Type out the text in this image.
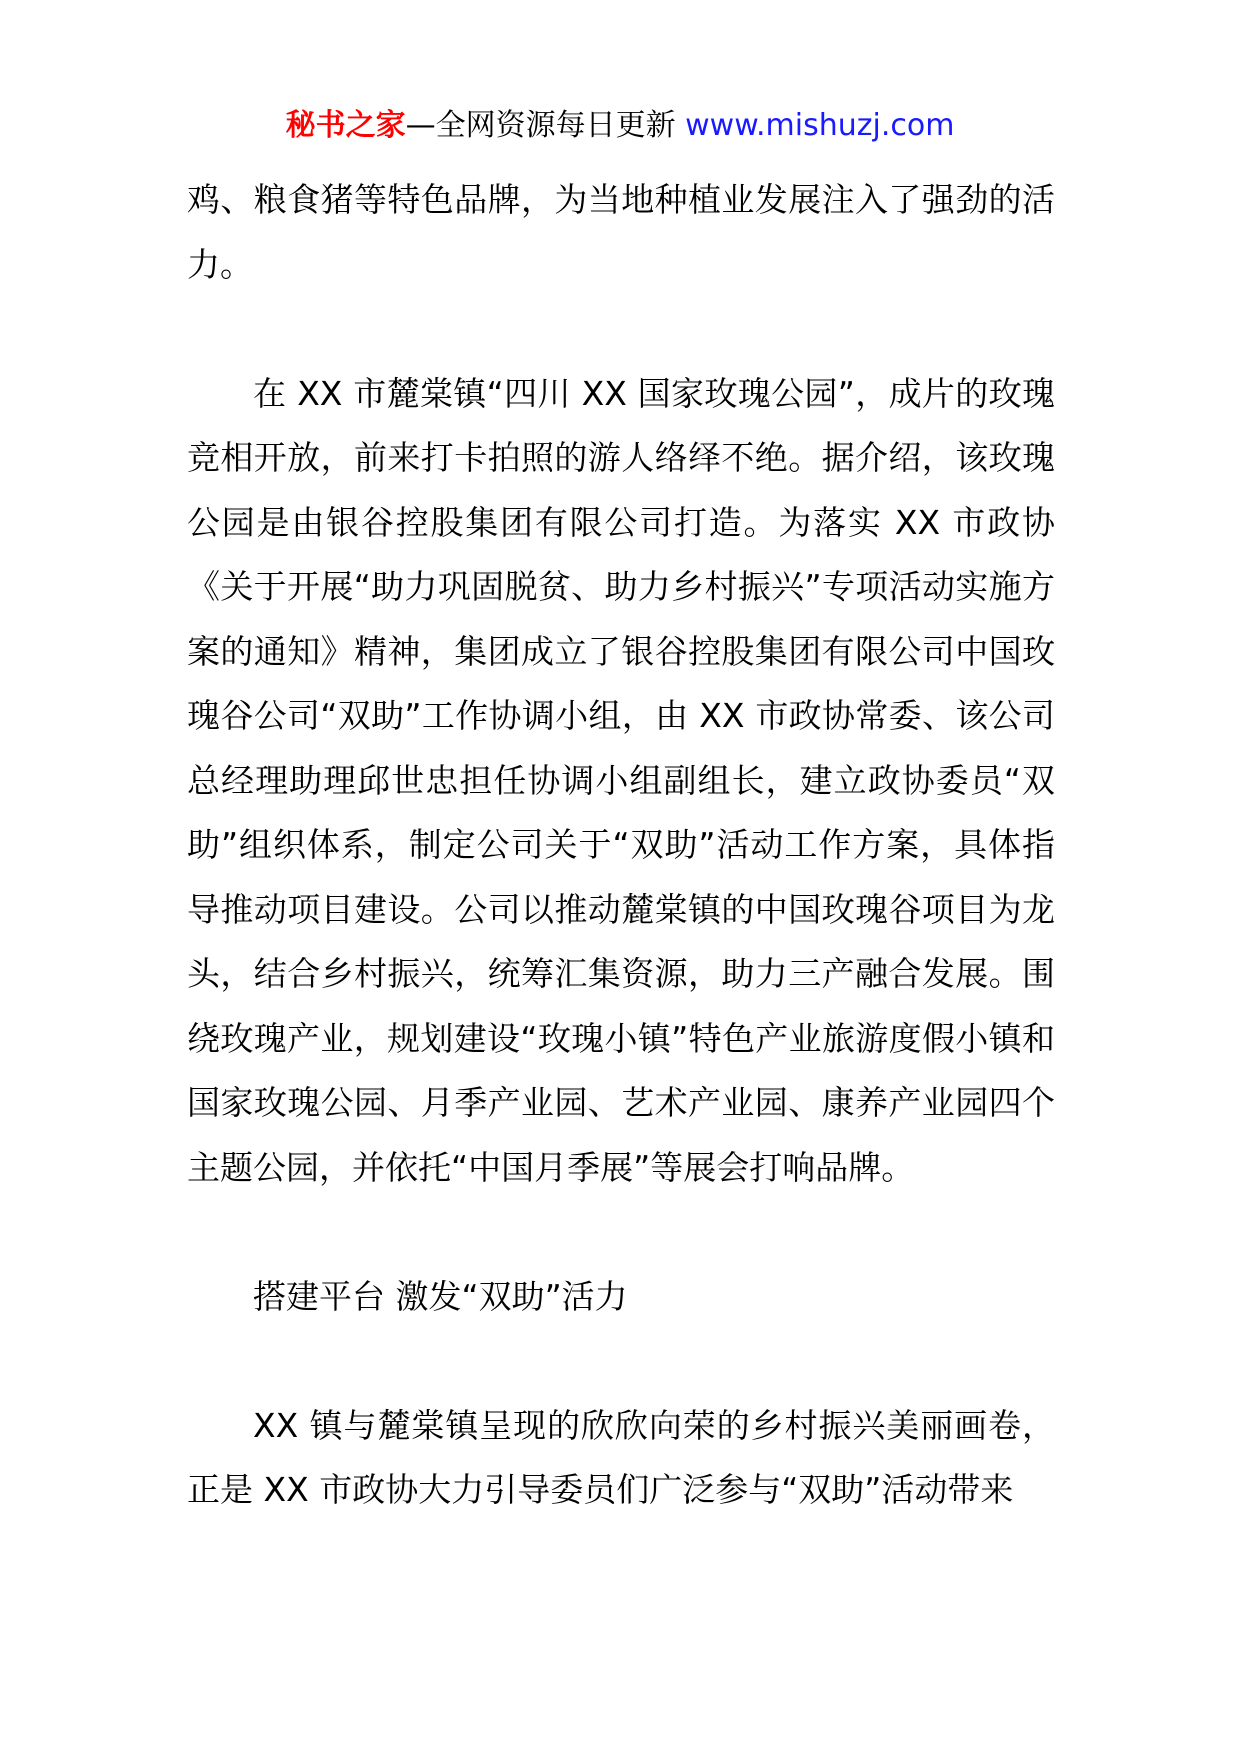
秘书之家—全网资源每日更新 www.mishuzj.com

鸡、粮食猪等特色品牌，为当地种植业发展注入了强劲的活力。

在 XX 市麓棠镇“四川 XX 国家玫瑰公园”，成片的玫瑰竞相开放，前来打卡拍照的游人络绎不绝。据介绍，该玫瑰公园是由银谷控股集团有限公司打造。为落实 XX 市政协《关于开展“助力巩固脱贫、助力乡村振兴”专项活动实施方案的通知》精神，集团成立了银谷控股集团有限公司中国玫瑰谷公司“双助”工作协调小组，由 XX 市政协常委、该公司总经理助理邱世忠担任协调小组副组长，建立政协委员“双助”组织体系，制定公司关于“双助”活动工作方案，具体指导推动项目建设。公司以推动麓棠镇的中国玫瑰谷项目为龙头，结合乡村振兴，统筹汇集资源，助力三产融合发展。围绕玫瑰产业，规划建设“玫瑰小镇”特色产业旅游度假小镇和国家玫瑰公园、月季产业园、艺术产业园、康养产业园四个主题公园，并依托“中国月季展”等展会打响品牌。

搭建平台 激发“双助”活力

XX 镇与麓棠镇呈现的欣欣向荣的乡村振兴美丽画卷，正是 XX 市政协大力引导委员们广泛参与“双助”活动带来
